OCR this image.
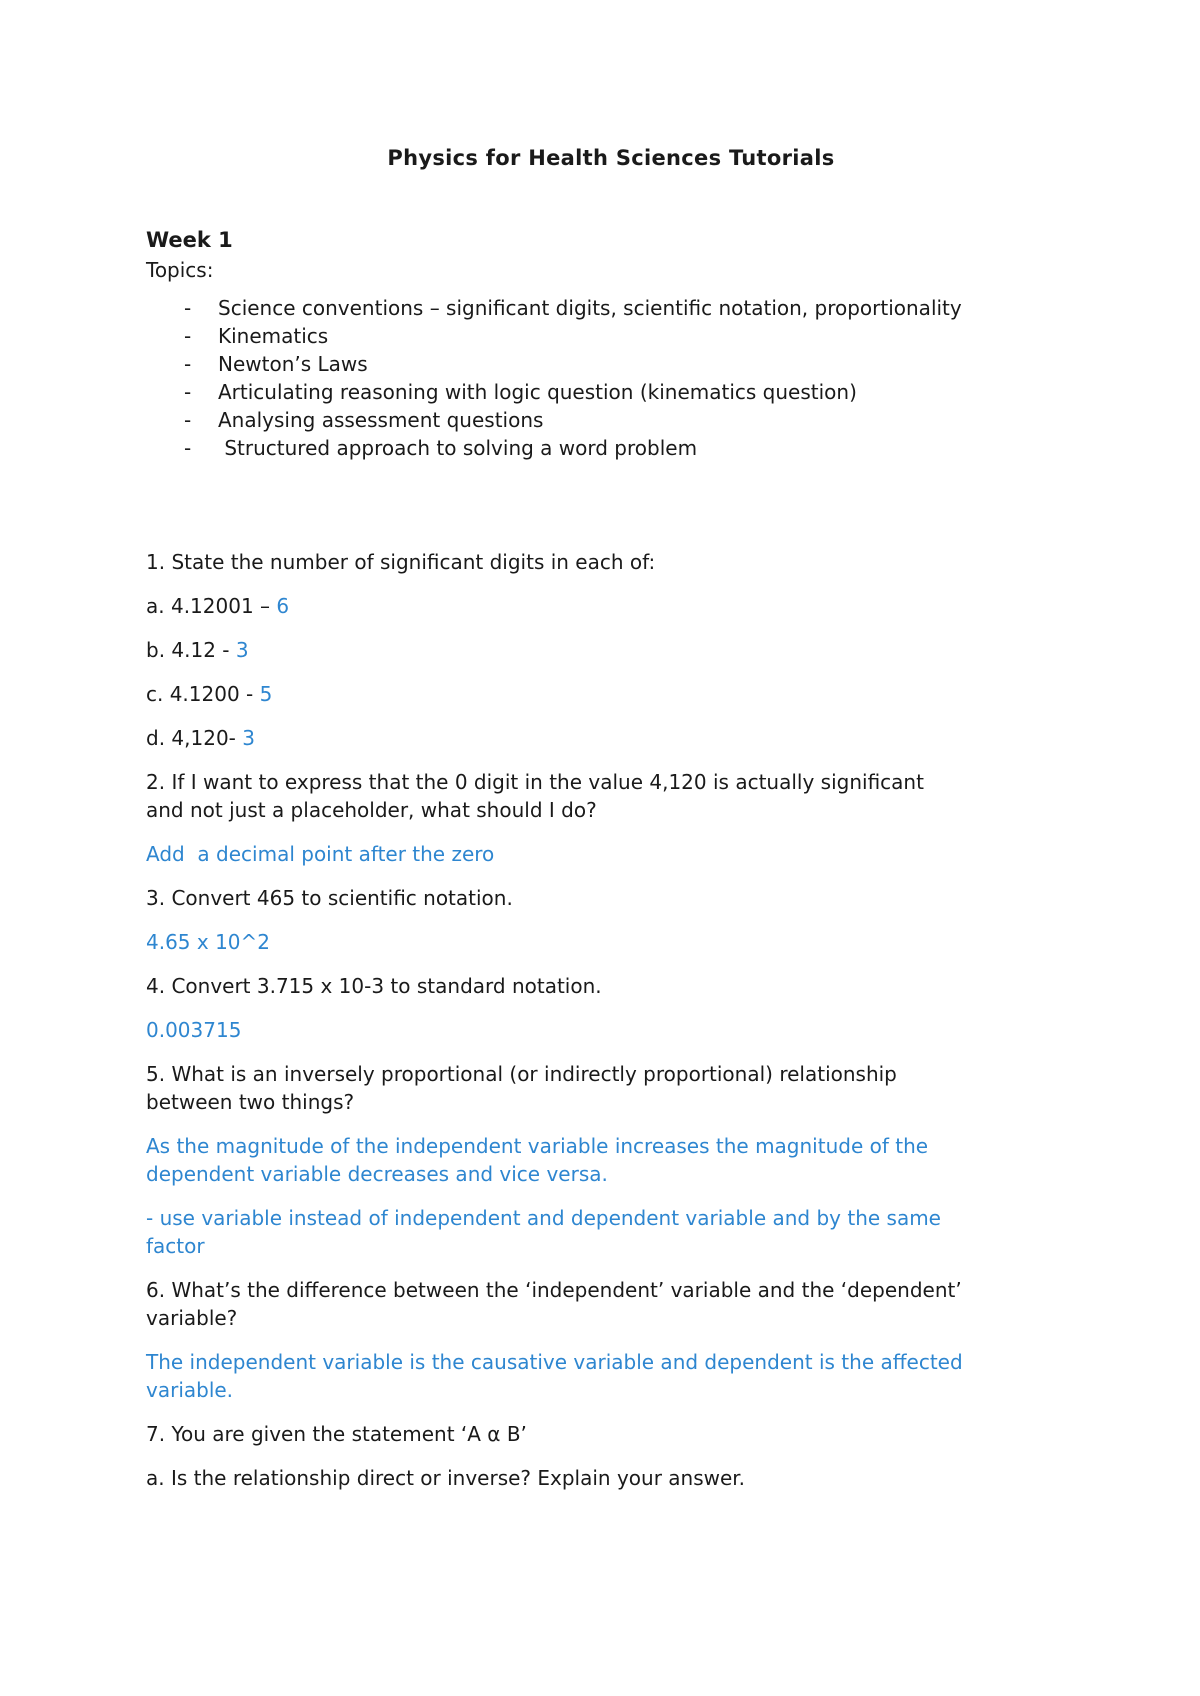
Physics for Health Sciences Tutorials
Week 1
Topics:
- Science conventions – significant digits, scientific notation, proportionality
- Kinematics
- Newton’s Laws
- Articulating reasoning with logic question (kinematics question)
- Analysing assessment questions
- Structured approach to solving a word problem
1. State the number of significant digits in each of:
a. 4.12001 – 6
b. 4.12 - 3
c. 4.1200 - 5
d. 4,120- 3
2. If I want to express that the 0 digit in the value 4,120 is actually significant
and not just a placeholder, what should I do?
Add  a decimal point after the zero
3. Convert 465 to scientific notation.
4.65 x 10^2
4. Convert 3.715 x 10-3 to standard notation.
0.003715
5. What is an inversely proportional (or indirectly proportional) relationship
between two things?
As the magnitude of the independent variable increases the magnitude of the
dependent variable decreases and vice versa.
- use variable instead of independent and dependent variable and by the same
factor
6. What’s the difference between the ‘independent’ variable and the ‘dependent’
variable?
The independent variable is the causative variable and dependent is the affected
variable.
7. You are given the statement ‘A α B’
a. Is the relationship direct or inverse? Explain your answer.
